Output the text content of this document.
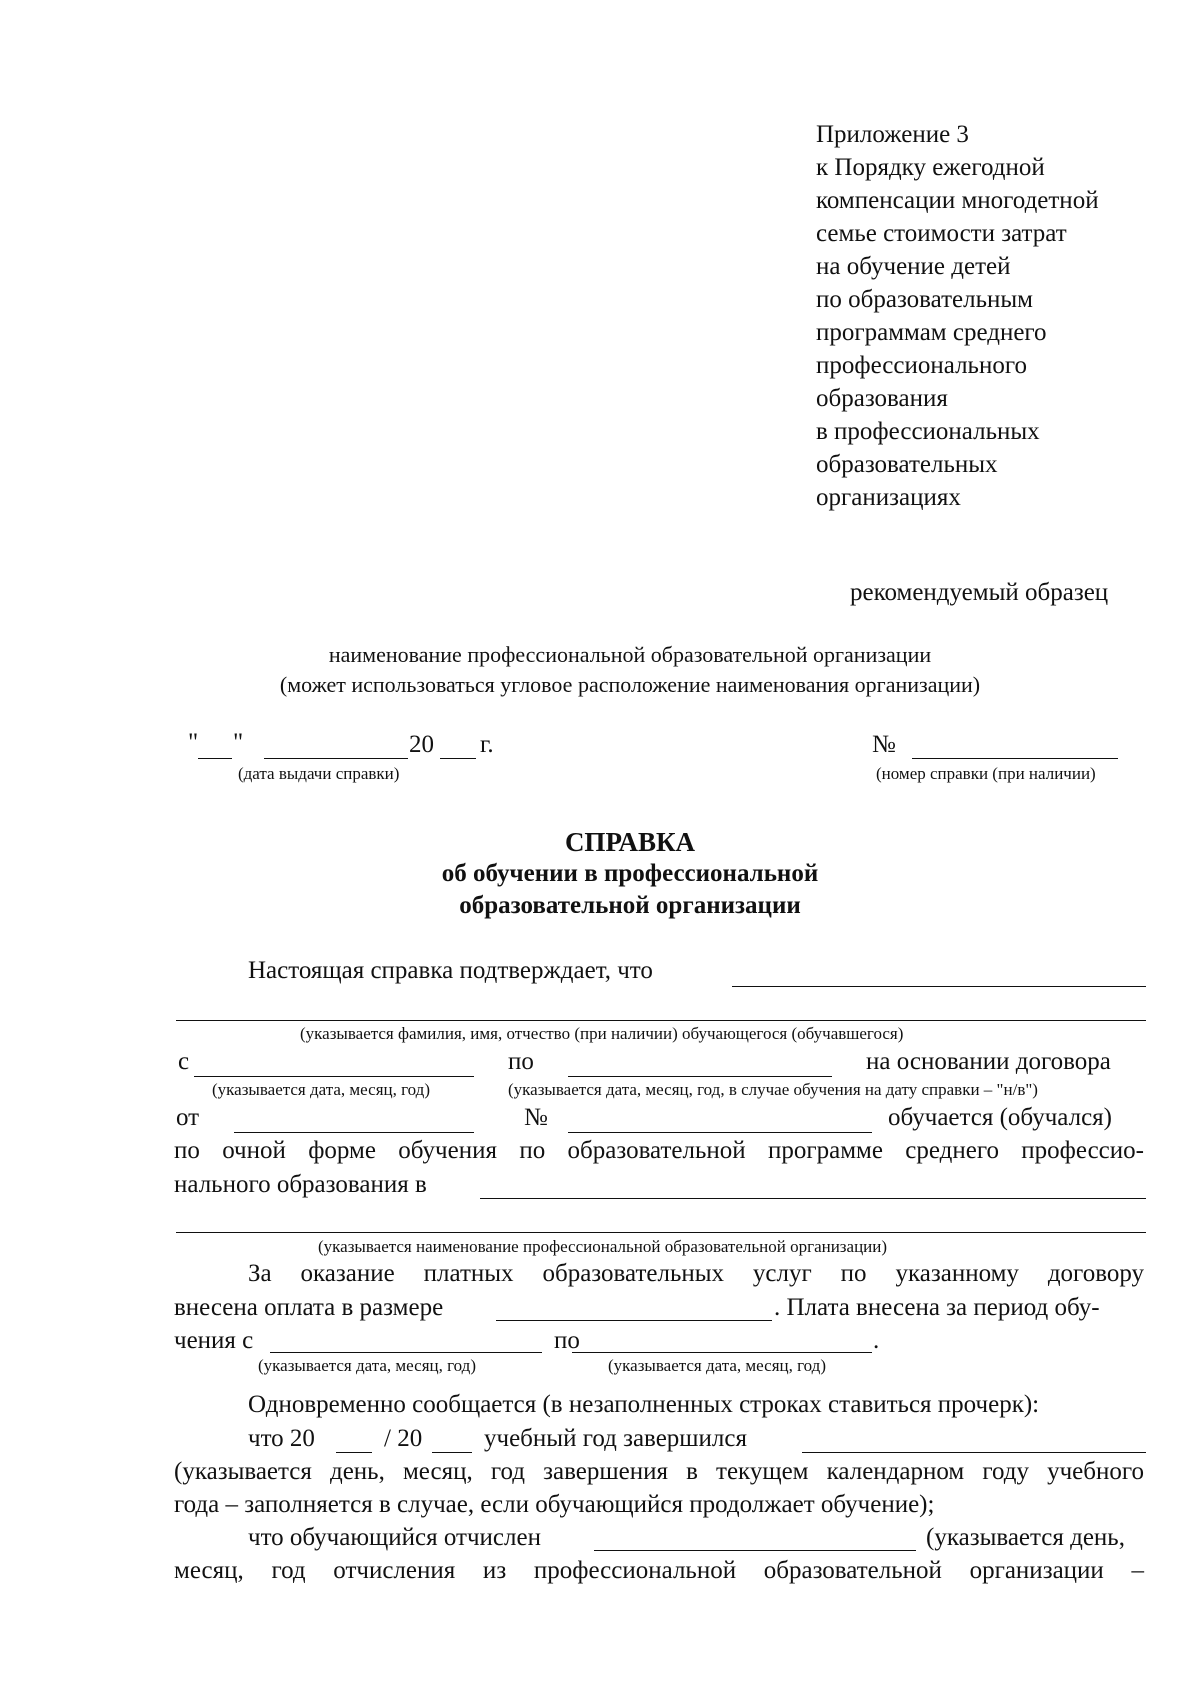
Приложение 3
к Порядку ежегодной
компенсации многодетной
семье стоимости затрат
на обучение детей
по образовательным
программам среднего
профессионального
образования
в профессиональных
образовательных
организациях
рекомендуемый образец
наименование профессиональной образовательной организации
(может использоваться угловое расположение наименования организации)
" "	20 г.
(дата выдачи справки)
№
(номер справки (при наличии)
СПРАВКА
об обучении в профессиональной
образовательной организации
Настоящая справка подтверждает, что
(указывается фамилия, имя, отчество (при наличии) обучающегося (обучавшегося)
с	по	на основании договора
(указывается дата, месяц, год)	(указывается дата, месяц, год, в случае обучения на дату справки – "н/в")
от	№	обучается (обучался)
по очной форме обучения по образовательной программе среднего профессио-
нального образования в
(указывается наименование профессиональной образовательной организации)
За оказание платных образовательных услуг по указанному договору
внесена оплата в размере	. Плата внесена за период обу-
чения с	по	.
(указывается дата, месяц, год)	(указывается дата, месяц, год)
Одновременно сообщается (в незаполненных строках ставиться прочерк):
что 20	/ 20 учебный год завершился
(указывается день, месяц, год завершения в текущем календарном году учебного
года – заполняется в случае, если обучающийся продолжает обучение);
что обучающийся отчислен	(указывается день,
месяц, год отчисления из профессиональной образовательной организации –
